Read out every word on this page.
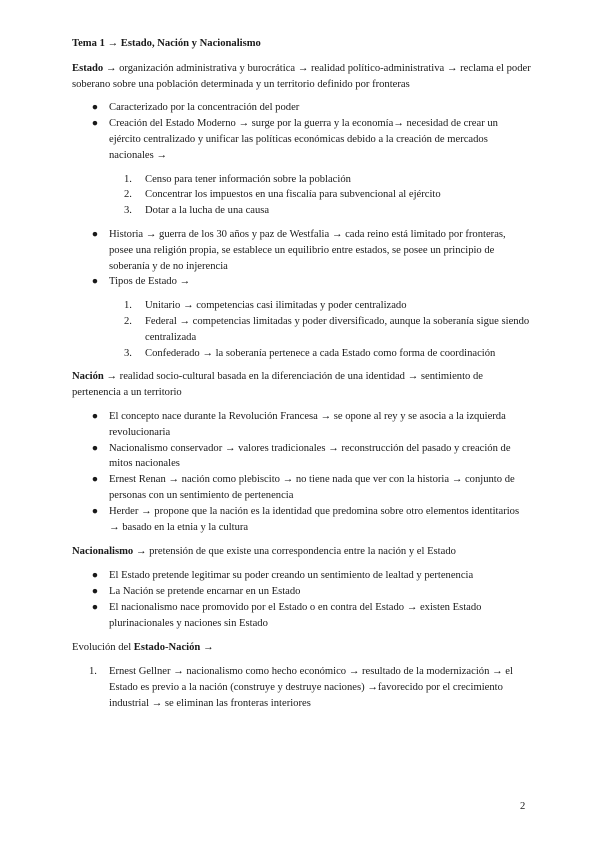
Tema 1 → Estado, Nación y Nacionalismo

Estado → organización administrativa y burocrática → realidad político-administrativa → reclama el poder soberano sobre una población determinada y un territorio definido por fronteras

● Caracterizado por la concentración del poder
● Creación del Estado Moderno → surge por la guerra y la economía→ necesidad de crear un ejército centralizado y unificar las políticas económicas debido a la creación de mercados nacionales →
1. Censo para tener información sobre la población
2. Concentrar los impuestos en una fiscalía para subvencional al ejército
3. Dotar a la lucha de una causa
● Historia → guerra de los 30 años y paz de Westfalia → cada reino está limitado por fronteras, posee una religión propia, se establece un equilibrio entre estados, se posee un principio de soberanía y de no injerencia
● Tipos de Estado →
1. Unitario → competencias casi ilimitadas y poder centralizado
2. Federal → competencias limitadas y poder diversificado, aunque la soberanía sigue siendo centralizada
3. Confederado → la soberanía pertenece a cada Estado como forma de coordinación

Nación → realidad socio-cultural basada en la diferenciación de una identidad → sentimiento de pertenencia a un territorio

● El concepto nace durante la Revolución Francesa → se opone al rey y se asocia a la izquierda revolucionaria
● Nacionalismo conservador → valores tradicionales → reconstrucción del pasado y creación de mitos nacionales
● Ernest Renan → nación como plebiscito → no tiene nada que ver con la historia → conjunto de personas con un sentimiento de pertenencia
● Herder → propone que la nación es la identidad que predomina sobre otro elementos identitarios → basado en la etnia y la cultura

Nacionalismo → pretensión de que existe una correspondencia entre la nación y el Estado

● El Estado pretende legitimar su poder creando un sentimiento de lealtad y pertenencia
● La Nación se pretende encarnar en un Estado
● El nacionalismo nace promovido por el Estado o en contra del Estado → existen Estado plurinacionales y naciones sin Estado

Evolución del Estado-Nación →

1. Ernest Gellner → nacionalismo como hecho económico → resultado de la modernización → el Estado es previo a la nación (construye y destruye naciones) →favorecido por el crecimiento industrial → se eliminan las fronteras interiores
2
